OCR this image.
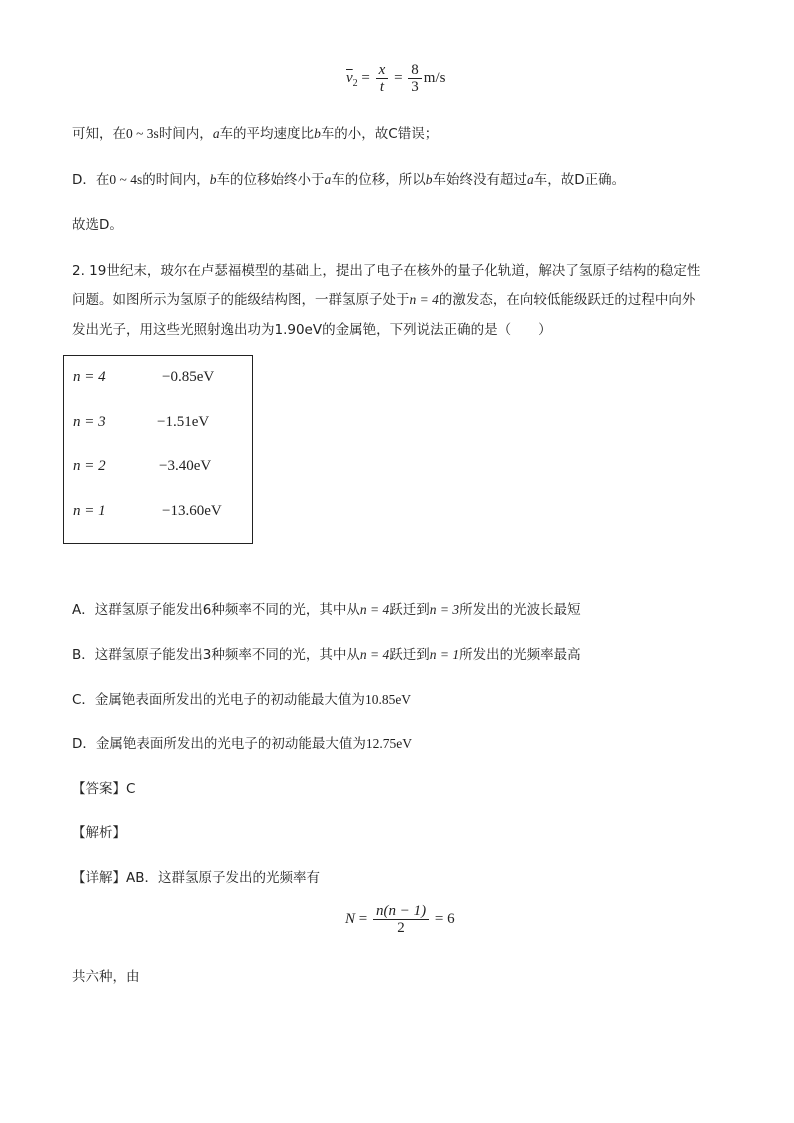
$\overline{v}_2 = \frac{x}{t} = \frac{8}{3} m/s$
可知，在0 ~ 3s时间内，a车的平均速度比b车的小，故C错误；
D．在0 ~ 4s的时间内，b车的位移始终小于a车的位移，所以b车始终没有超过a车，故D正确。
故选D。
2. 19世纪末，玻尔在卢瑟福模型的基础上，提出了电子在核外的量子化轨道，解决了氢原子结构的稳定性
问题。如图所示为氢原子的能级结构图，一群氢原子处于n = 4的激发态，在向较低能级跃迁的过程中向外
发出光子，用这些光照射逸出功为1.90eV的金属铯，下列说法正确的是（　　）
n = 4	−0.85eV
n = 3	−1.51eV
n = 2	−3.40eV
n = 1	−13.60eV
A．这群氢原子能发出6种频率不同的光，其中从n = 4跃迁到n = 3所发出的光波长最短
B．这群氢原子能发出3种频率不同的光，其中从n = 4跃迁到n = 1所发出的光频率最高
C．金属铯表面所发出的光电子的初动能最大值为10.85eV
D．金属铯表面所发出的光电子的初动能最大值为12.75eV
【答案】C
【解析】
【详解】AB．这群氢原子发出的光频率有
$N = \frac{n(n - 1)}{2} = 6$
共六种，由
